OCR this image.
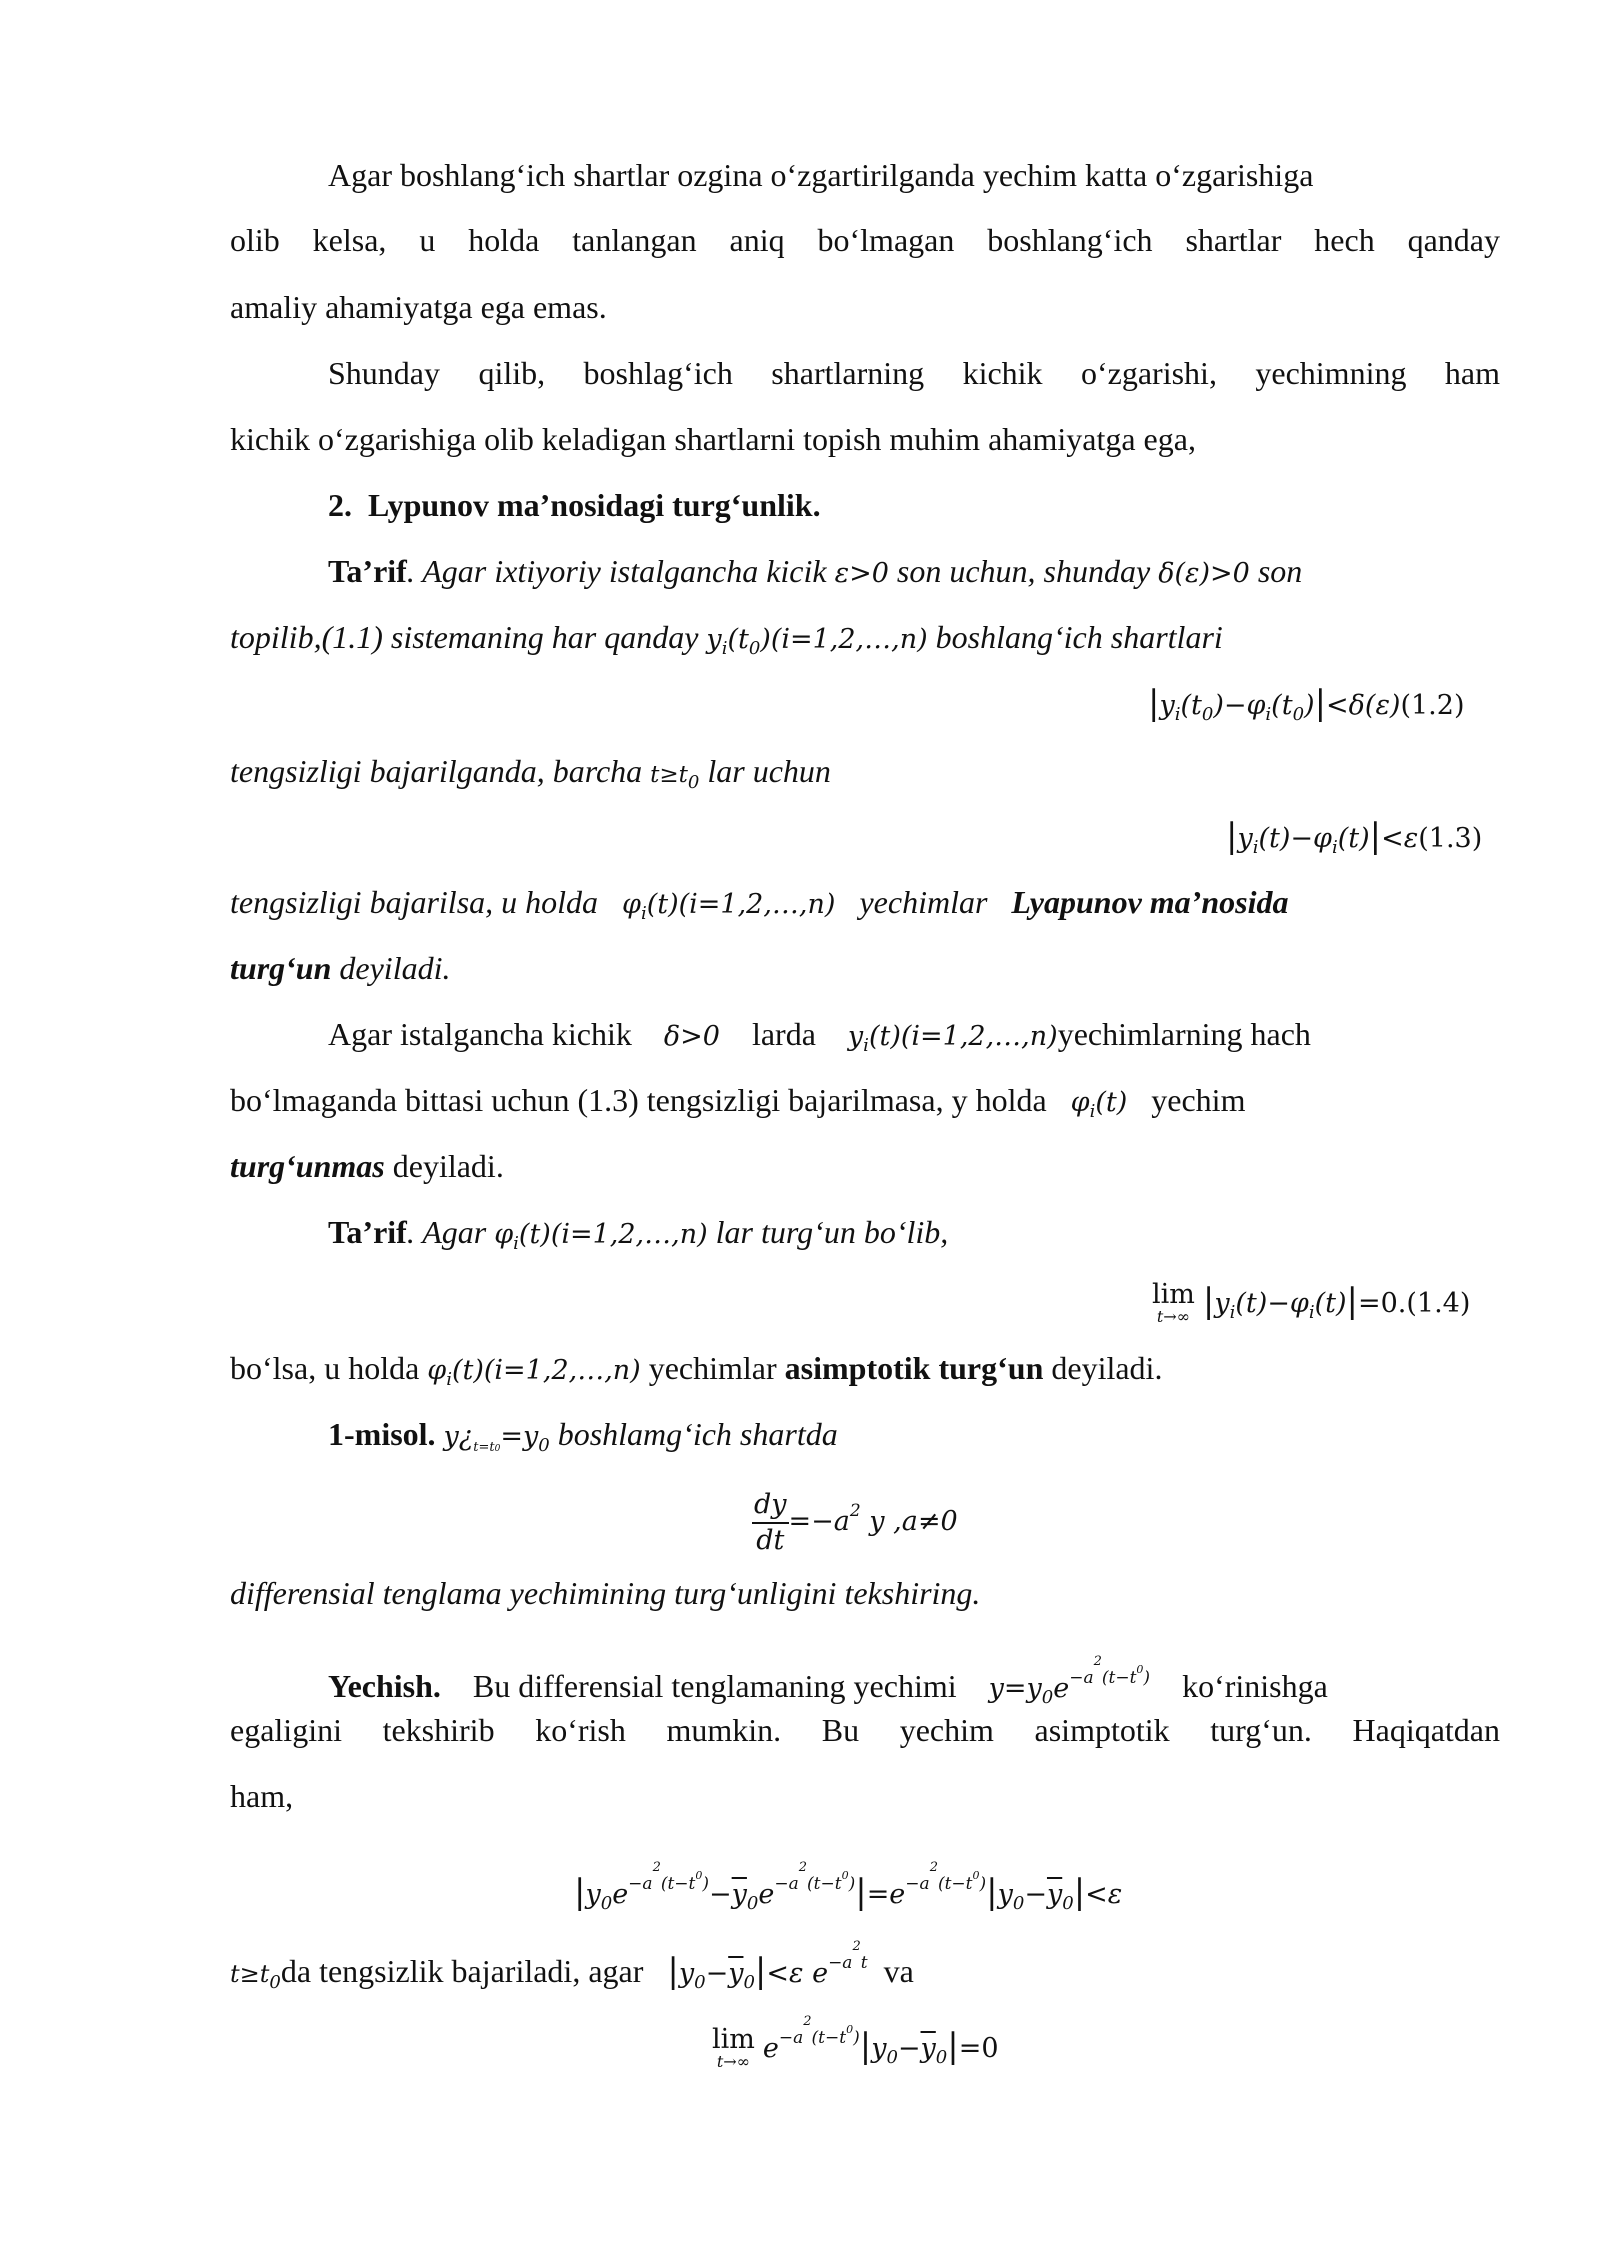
Agar boshlang‘ich shartlar ozgina o‘zgartirilganda yechim katta o‘zgarishiga
olib kelsa, u holda tanlangan aniq bo‘lmagan boshlang‘ich shartlar hech qanday
amaliy ahamiyatga ega emas.
Shunday qilib, boshlag‘ich shartlarning kichik o‘zgarishi, yechimning ham
kichik o‘zgarishiga olib keladigan shartlarni topish muhim ahamiyatga ega,
2. Lypunov ma’nosidagi turg‘unlik.
Ta’rif. Agar ixtiyoriy istalgancha kicik ε>0 son uchun, shunday δ(ε)>0 son
topilib,(1.1) sistemaning har qanday $y_i(t_0)(i=1,2,\dots,n)$ boshlang‘ich shartlari
$|y_i(t_0)-\varphi_i(t_0)|<\delta(\varepsilon)(1.2)$
tengsizligi bajarilganda, barcha $t\ge t_0$ lar uchun
$|y_i(t)-\varphi_i(t)|<\varepsilon(1.3)$
tengsizligi bajarilsa, u holda $\varphi_i(t)(i=1,2,\dots,n)$ yechimlar Lyapunov ma’nosida
turg‘un deyiladi.
Agar istalgancha kichik δ>0 larda $y_i(t)(i=1,2,\dots,n)yechimlarning$ hach
bo‘lmaganda bittasi uchun (1.3) tengsizligi bajarilmasa, y holda $\varphi_i(t)$ yechim
turg‘unmas deyiladi.
Ta’rif. Agar $\varphi_i(t)(i=1,2,\dots,n)$ lar turg‘un bo‘lib,
lim
t→∞ $|y_i(t)-\varphi_i(t)|=0.(1.4)$
bo‘lsa, u holda $\varphi_i(t)(i=1,2,\dots,n)$ yechimlar asimptotik turg‘un deyiladi.
1-misol. $y¿_{t=t0}=y_0$ boshlamg‘ich shartda
$\frac{dy}{dt} =-a^2$ y ,a≠0
differensial tenglama yechimining turg‘unligini tekshiring.
Yechish. Bu differensial tenglamaning yechimi $y=y_0e^{-a^2(t-t^0)}$ ko‘rinishga
egaligini tekshirib ko‘rish mumkin. Bu yechim asimptotik turg‘un. Haqiqatdan
ham,
$|y_0e^{-a^2(t-t^0)}-\overline{y}_0e^{-a^2(t-t^0)}|=e^{-a^2(t-t^0)}|y_0-\overline{y}_0|<\varepsilon$
$t\ge t_0da$ tengsizlik bajariladi, agar $|y_0-\overline{y}_0|<\varepsilon$ $e^{-a^2t}$ va
lim
t→∞ $e^{-a^2(t-t^0)}|y_0-\overline{y}_0|=0$
